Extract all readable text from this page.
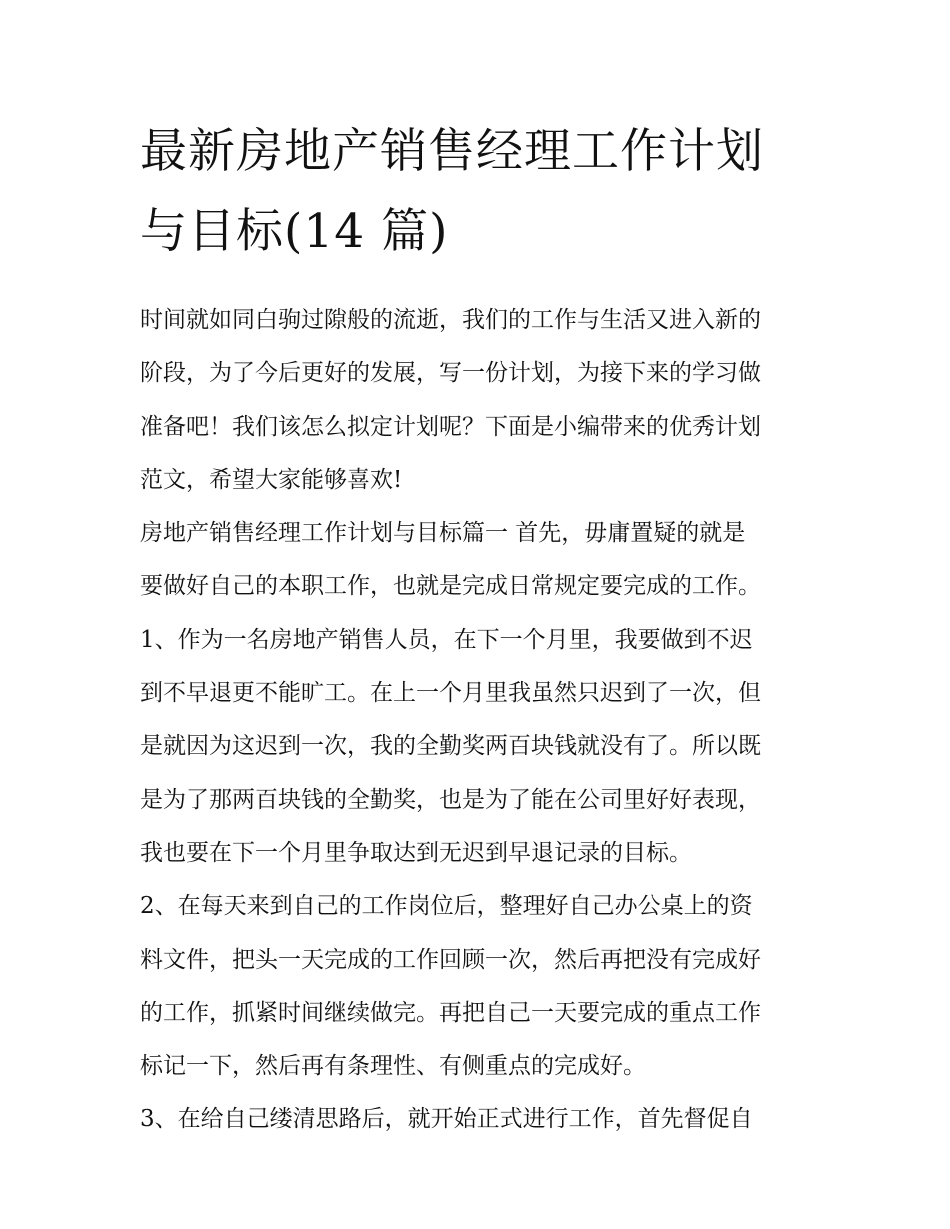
最新房地产销售经理工作计划
与目标(14 篇)
时间就如同白驹过隙般的流逝，我们的工作与生活又进入新的
阶段，为了今后更好的发展，写一份计划，为接下来的学习做
准备吧！我们该怎么拟定计划呢？下面是小编带来的优秀计划
范文，希望大家能够喜欢!
房地产销售经理工作计划与目标篇一 首先，毋庸置疑的就是
要做好自己的本职工作，也就是完成日常规定要完成的工作。
1、作为一名房地产销售人员，在下一个月里，我要做到不迟
到不早退更不能旷工。在上一个月里我虽然只迟到了一次，但
是就因为这迟到一次，我的全勤奖两百块钱就没有了。所以既
是为了那两百块钱的全勤奖，也是为了能在公司里好好表现，
我也要在下一个月里争取达到无迟到早退记录的目标。
2、在每天来到自己的工作岗位后，整理好自己办公桌上的资
料文件，把头一天完成的工作回顾一次，然后再把没有完成好
的工作，抓紧时间继续做完。再把自己一天要完成的重点工作
标记一下，然后再有条理性、有侧重点的完成好。
3、在给自己缕清思路后，就开始正式进行工作，首先督促自
